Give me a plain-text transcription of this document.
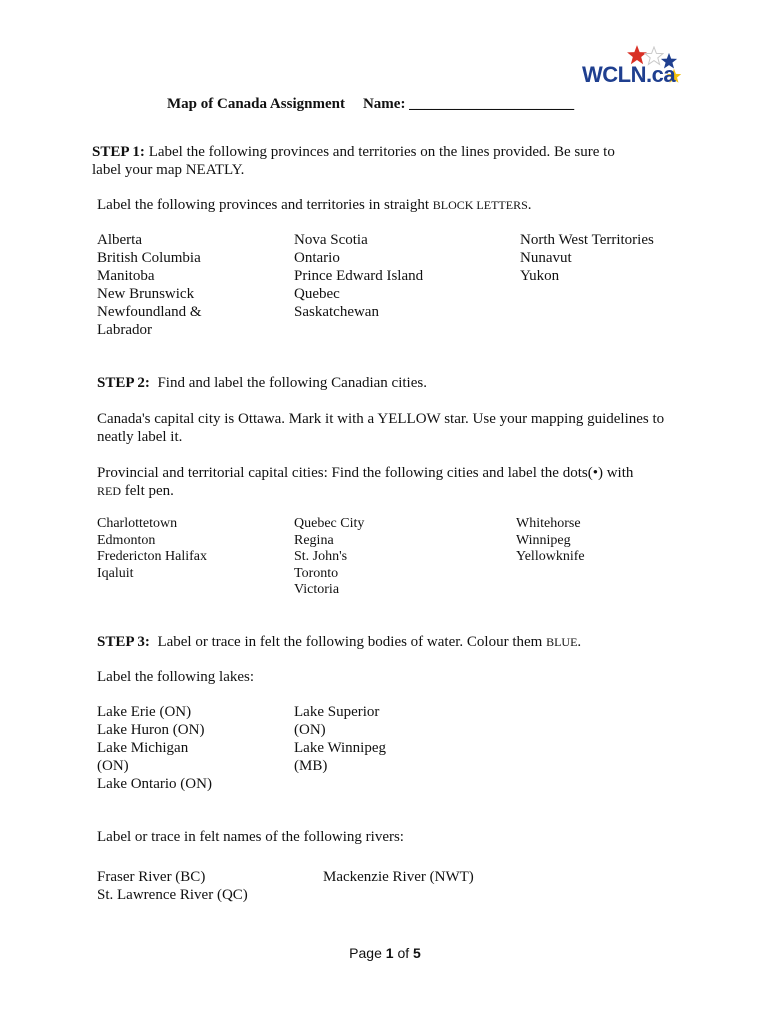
WCLN.ca
Map of Canada Assignment Name: ______________________
STEP 1: Label the following provinces and territories on the lines provided. Be sure to
label your map NEATLY.
Label the following provinces and territories in straight BLOCK LETTERS.
Alberta
British Columbia
Manitoba
New Brunswick
Newfoundland &
Labrador
Nova Scotia
Ontario
Prince Edward Island
Quebec
Saskatchewan
North West Territories
Nunavut
Yukon
STEP 2: Find and label the following Canadian cities.
Canada's capital city is Ottawa. Mark it with a YELLOW star. Use your mapping guidelines to
neatly label it.
Provincial and territorial capital cities: Find the following cities and label the dots(•) with
RED felt pen.
Charlottetown
Edmonton
Fredericton Halifax
Iqaluit
Quebec City
Regina
St. John's
Toronto
Victoria
Whitehorse
Winnipeg
Yellowknife
STEP 3: Label or trace in felt the following bodies of water. Colour them BLUE.
Label the following lakes:
Lake Erie (ON)
Lake Huron (ON)
Lake Michigan
(ON)
Lake Ontario (ON)
Lake Superior
(ON)
Lake Winnipeg
(MB)
Label or trace in felt names of the following rivers:
Fraser River (BC)
St. Lawrence River (QC)
Mackenzie River (NWT)
Page 1 of 5
